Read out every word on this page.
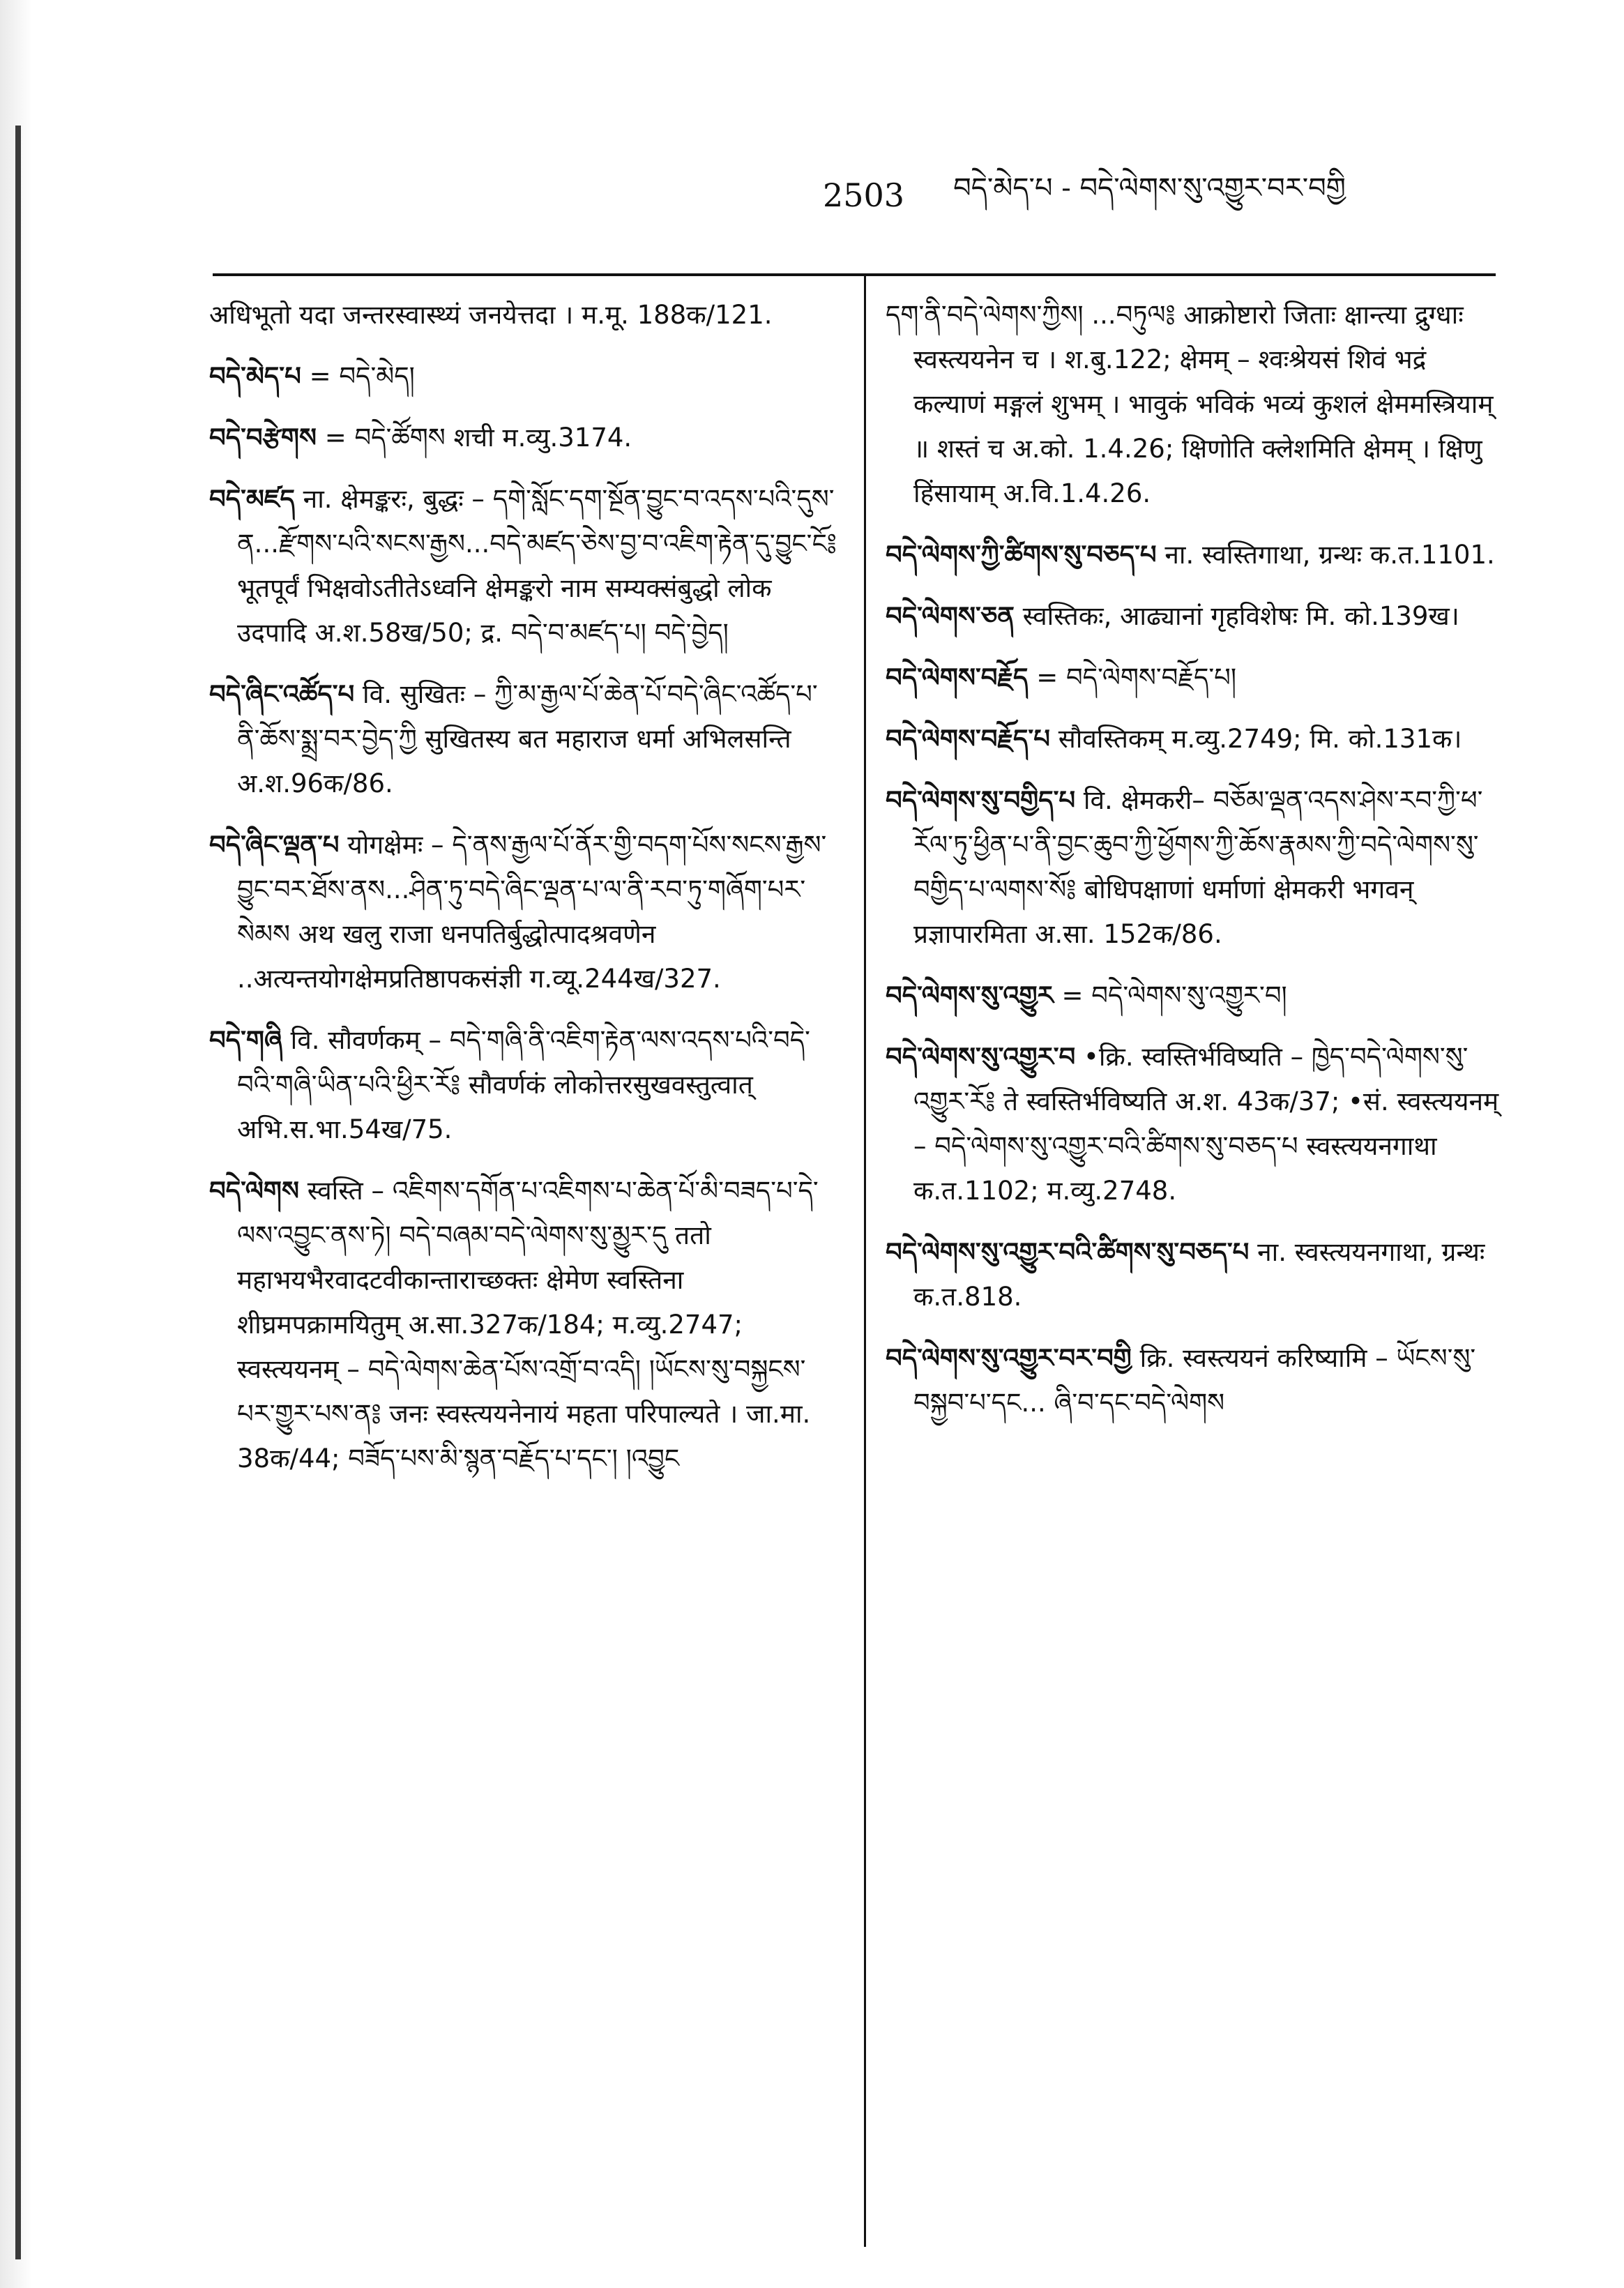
2503 བདེ་མེད་པ - བདེ་ལེགས་སུ་འགྱུར་བར་བགྱི

अधिभूतो यदा जन्तरस्वास्थ्यं जनयेत्तदा । म.मू. 188क/121.

བདེ་མེད་པ = བདེ་མེད།

བདེ་བརྩེགས = བདེ་ཚོགས शची म.व्यु.3174.

བདེ་མཛད ना. क्षेमङ्करः, बुद्धः – དགེ་སློང་དག་སྔོན་བྱུང་བ་འདས་པའི་དུས་ན...རྫོགས་པའི་སངས་རྒྱས...བདེ་མཛད་ཅེས་བྱ་བ་འཇིག་རྟེན་དུ་བྱུང་ངོ༔ भूतपूर्वं भिक्षवोऽतीतेऽध्वनि क्षेमङ्करो नाम सम्यक्संबुद्धो लोक उदपादि अ.श.58ख/50; द्र. བདེ་བ་མཛད་པ། བདེ་བྱེད།

བདེ་ཞིང་འཚོད་པ वि. सुखितः – ཀྱི་མ་རྒྱལ་པོ་ཆེན་པོ་བདེ་ཞིང་འཚོད་པ་ནི་ཆོས་སྨྲ་བར་བྱེད་ཀྱི सुखितस्य बत महाराज धर्मा अभिलसन्ति अ.श.96क/86.

བདེ་ཞིང་ལྡན་པ योगक्षेमः – དེ་ནས་རྒྱལ་པོ་ནོར་གྱི་བདག་པོས་སངས་རྒྱས་བྱུང་བར་ཐོས་ནས...ཤིན་ཏུ་བདེ་ཞིང་ལྡན་པ་ལ་ནི་རབ་ཏུ་གཞོག་པར་སེམས अथ खलु राजा धनपतिर्बुद्धोत्पादश्रवणेन ..अत्यन्तयोगक्षेमप्रतिष्ठापकसंज्ञी ग.व्यू.244ख/327.

བདེ་གཞི वि. सौवर्णकम् – བདེ་གཞི་ནི་འཇིག་རྟེན་ལས་འདས་པའི་བདེ་བའི་གཞི་ཡིན་པའི་ཕྱིར་རོ༔ सौवर्णकं लोकोत्तरसुखवस्तुत्वात् अभि.स.भा.54ख/75.

བདེ་ལེགས स्वस्ति – འཇིགས་དགོན་པ་འཇིགས་པ་ཆེན་པོ་མི་བཟད་པ་དེ་ལས་འབྱུང་ནས་ཏེ། བདེ་བཞམ་བདེ་ལེགས་སུ་མྱུར་དུ ततो महाभयभैरवादटवीकान्ताराच्छक्तः क्षेमेण स्वस्तिना शीघ्रमपक्रामयितुम् अ.सा.327क/184; म.व्यु.2747; स्वस्त्ययनम् – བདེ་ལེགས་ཆེན་པོས་འགྲོ་བ་འདི། །ཡོངས་སུ་བསྐྱངས་པར་གྱུར་པས་ན༔ जनः स्वस्त्ययनेनायं महता परिपाल्यते । जा.मा. 38क/44; བཟོད་པས་མི་སྙན་བརྗོད་པ་དང་། །འབྱུང

དག་ནི་བདེ་ལེགས་ཀྱིས། ...བཏུལ༔ आक्रोष्टारो जिताः क्षान्त्या द्रुग्धाः स्वस्त्ययनेन च । श.बु.122; क्षेमम् – श्वःश्रेयसं शिवं भद्रं कल्याणं मङ्गलं शुभम् । भावुकं भविकं भव्यं कुशलं क्षेममस्त्रियाम् ॥ शस्तं च अ.को. 1.4.26; क्षिणोति क्लेशमिति क्षेमम् । क्षिणु हिंसायाम् अ.वि.1.4.26.

བདེ་ལེགས་ཀྱི་ཚིགས་སུ་བཅད་པ ना. स्वस्तिगाथा, ग्रन्थः क.त.1101.

བདེ་ལེགས་ཅན स्वस्तिकः, आढ्यानां गृहविशेषः मि. को.139ख।

བདེ་ལེགས་བརྗོད = བདེ་ལེགས་བརྗོད་པ།

བདེ་ལེགས་བརྗོད་པ सौवस्तिकम् म.व्यु.2749; मि. को.131क।

བདེ་ལེགས་སུ་བགྱིད་པ वि. क्षेमकरी– བཅོམ་ལྡན་འདས་ཤེས་རབ་ཀྱི་ཕ་རོལ་ཏུ་ཕྱིན་པ་ནི་བྱང་ཆུབ་ཀྱི་ཕྱོགས་ཀྱི་ཆོས་རྣམས་ཀྱི་བདེ་ལེགས་སུ་བགྱིད་པ་ལགས་སོ༔ बोधिपक्षाणां धर्माणां क्षेमकरी भगवन् प्रज्ञापारमिता अ.सा. 152क/86.

བདེ་ལེགས་སུ་འགྱུར = བདེ་ལེགས་སུ་འགྱུར་བ།

བདེ་ལེགས་སུ་འགྱུར་བ •क्रि. स्वस्तिर्भविष्यति – ཁྱེད་བདེ་ལེགས་སུ་འགྱུར་རོ༔ ते स्वस्तिर्भविष्यति अ.श. 43क/37; •सं. स्वस्त्ययनम् – བདེ་ལེགས་སུ་འགྱུར་བའི་ཚིགས་སུ་བཅད་པ स्वस्त्ययनगाथा क.त.1102; म.व्यु.2748.

བདེ་ལེགས་སུ་འགྱུར་བའི་ཚིགས་སུ་བཅད་པ ना. स्वस्त्ययनगाथा, ग्रन्थः क.त.818.

བདེ་ལེགས་སུ་འགྱུར་བར་བགྱི क्रि. स्वस्त्ययनं करिष्यामि – ཡོངས་སུ་བསྐྱབ་པ་དང... ཞི་བ་དང་བདེ་ལེགས
